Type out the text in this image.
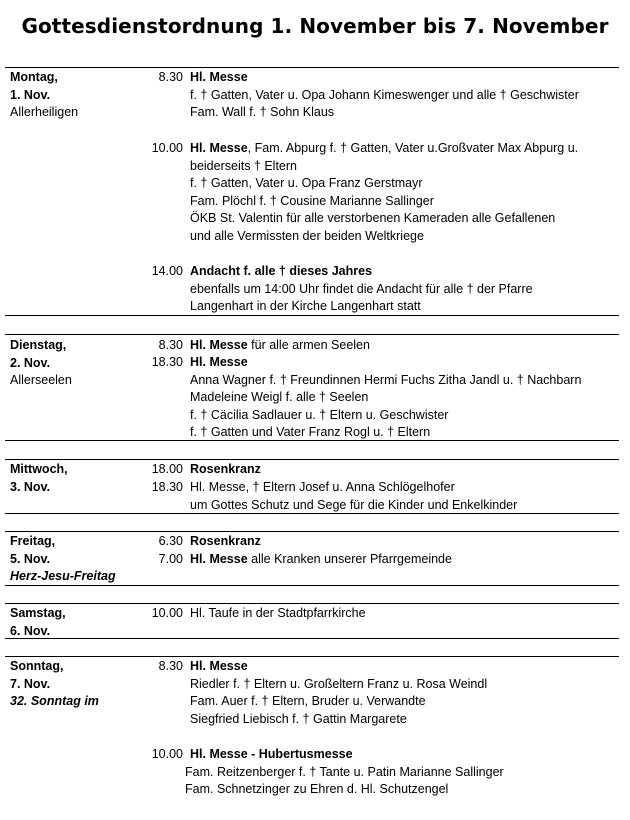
Gottesdienstordnung 1. November bis 7. November
Montag,
1. Nov.
Allerheiligen
8.30 Hl. Messe
f. † Gatten, Vater u. Opa Johann Kimeswenger und alle † Geschwister
Fam. Wall f. † Sohn Klaus
10.00 Hl. Messe, Fam. Abpurg f. † Gatten, Vater u.Großvater Max Abpurg u.
beiderseits † Eltern
f. † Gatten, Vater u. Opa Franz Gerstmayr
Fam. Plöchl f. † Cousine Marianne Sallinger
ÖKB St. Valentin für alle verstorbenen Kameraden alle Gefallenen
und alle Vermissten der beiden Weltkriege
14.00 Andacht f. alle † dieses Jahres
ebenfalls um 14:00 Uhr findet die Andacht für alle † der Pfarre
Langenhart in der Kirche Langenhart statt
Dienstag,
2. Nov.
Allerseelen
8.30 Hl. Messe für alle armen Seelen
18.30 Hl. Messe
Anna Wagner f. † Freundinnen Hermi Fuchs Zitha Jandl u. † Nachbarn
Madeleine Weigl f. alle † Seelen
f. † Cäcilia Sadlauer u. † Eltern u. Geschwister
f. † Gatten und Vater Franz Rogl u. † Eltern
Mittwoch,
3. Nov.
18.00 Rosenkranz
18.30 Hl. Messe, † Eltern Josef u. Anna Schlögelhofer
um Gottes Schutz und Sege für die Kinder und Enkelkinder
Freitag,
5. Nov.
Herz-Jesu-Freitag
6.30 Rosenkranz
7.00 Hl. Messe alle Kranken unserer Pfarrgemeinde
Samstag,
6. Nov.
10.00 Hl. Taufe in der Stadtpfarrkirche
Sonntag,
7. Nov.
32. Sonntag im
8.30 Hl. Messe
Riedler f. † Eltern u. Großeltern Franz u. Rosa Weindl
Fam. Auer f. † Eltern, Bruder u. Verwandte
Siegfried Liebisch f. † Gattin Margarete
10.00 Hl. Messe - Hubertusmesse
Fam. Reitzenberger f. † Tante u. Patin Marianne Sallinger
Fam. Schnetzinger zu Ehren d. Hl. Schutzengel
